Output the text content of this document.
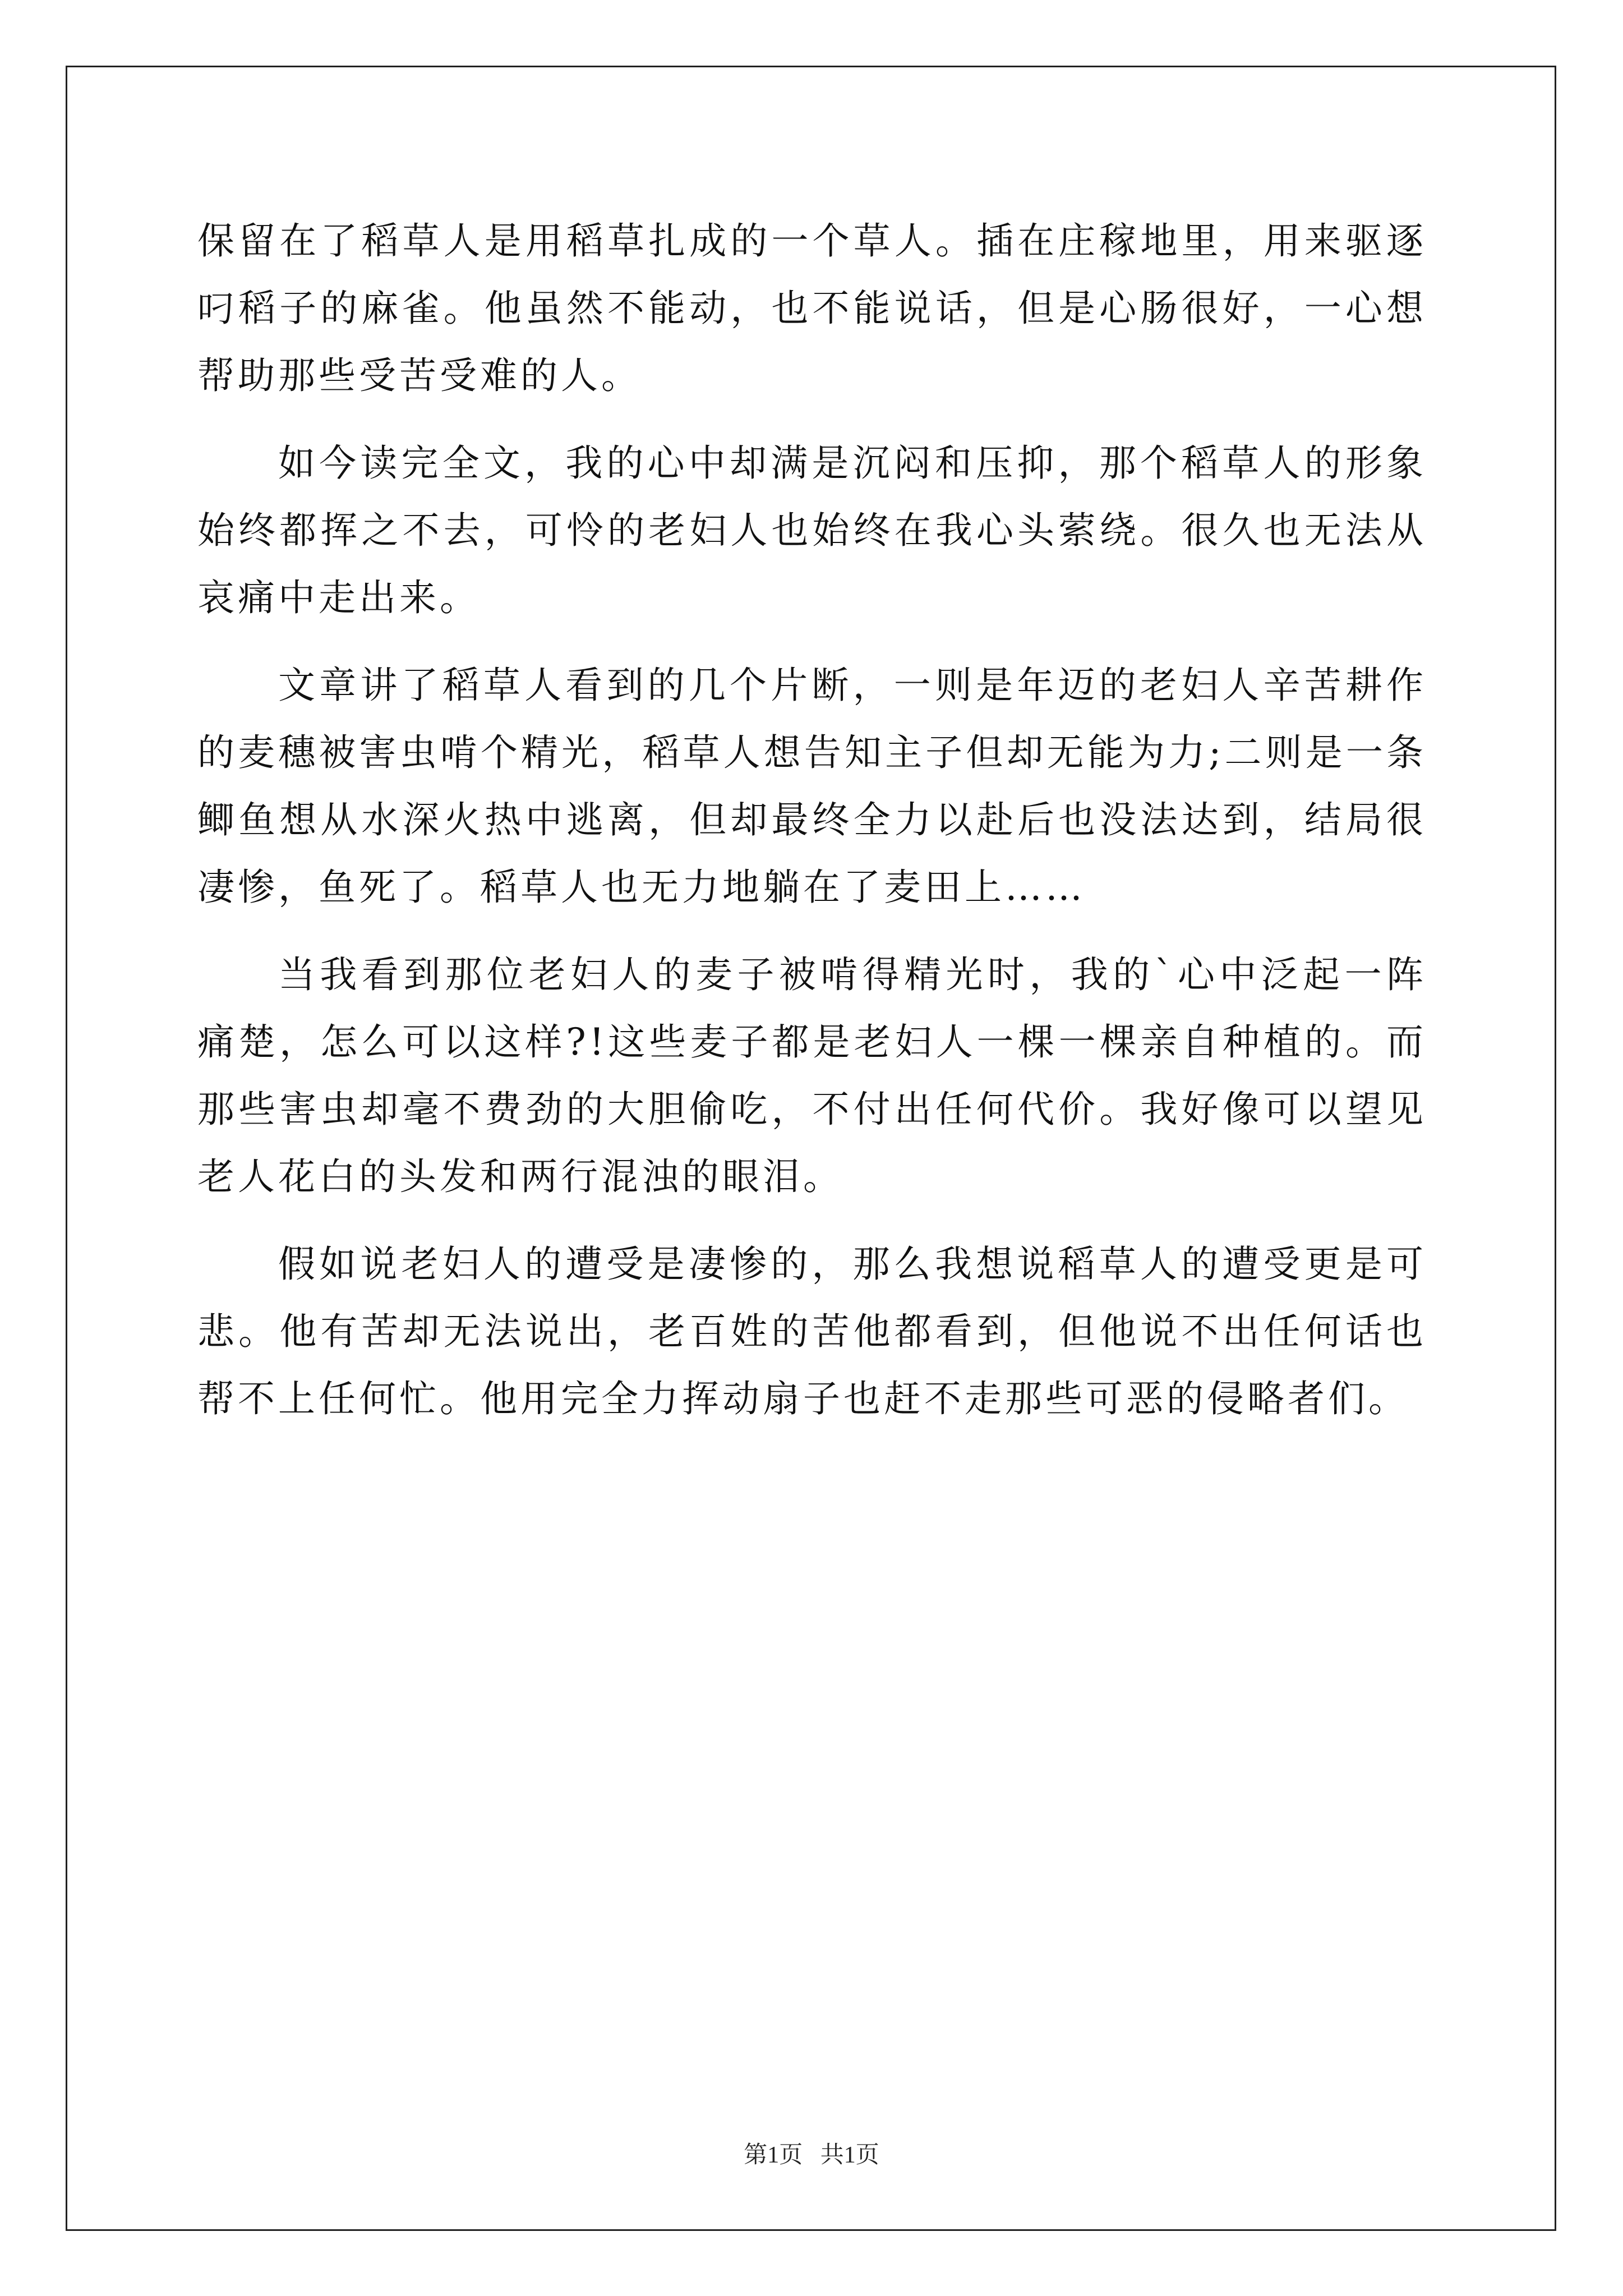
保留在了稻草人是用稻草扎成的一个草人。插在庄稼地里，用来驱逐叼稻子的麻雀。他虽然不能动，也不能说话，但是心肠很好，一心想帮助那些受苦受难的人。

如今读完全文，我的心中却满是沉闷和压抑，那个稻草人的形象始终都挥之不去，可怜的老妇人也始终在我心头萦绕。很久也无法从哀痛中走出来。

文章讲了稻草人看到的几个片断，一则是年迈的老妇人辛苦耕作的麦穗被害虫啃个精光，稻草人想告知主子但却无能为力;二则是一条鲫鱼想从水深火热中逃离，但却最终全力以赴后也没法达到，结局很凄惨，鱼死了。稻草人也无力地躺在了麦田上……

当我看到那位老妇人的麦子被啃得精光时，我的`心中泛起一阵痛楚，怎么可以这样?!这些麦子都是老妇人一棵一棵亲自种植的。而那些害虫却毫不费劲的大胆偷吃，不付出任何代价。我好像可以望见老人花白的头发和两行混浊的眼泪。

假如说老妇人的遭受是凄惨的，那么我想说稻草人的遭受更是可悲。他有苦却无法说出，老百姓的苦他都看到，但他说不出任何话也帮不上任何忙。他用完全力挥动扇子也赶不走那些可恶的侵略者们。

第1页   共1页
